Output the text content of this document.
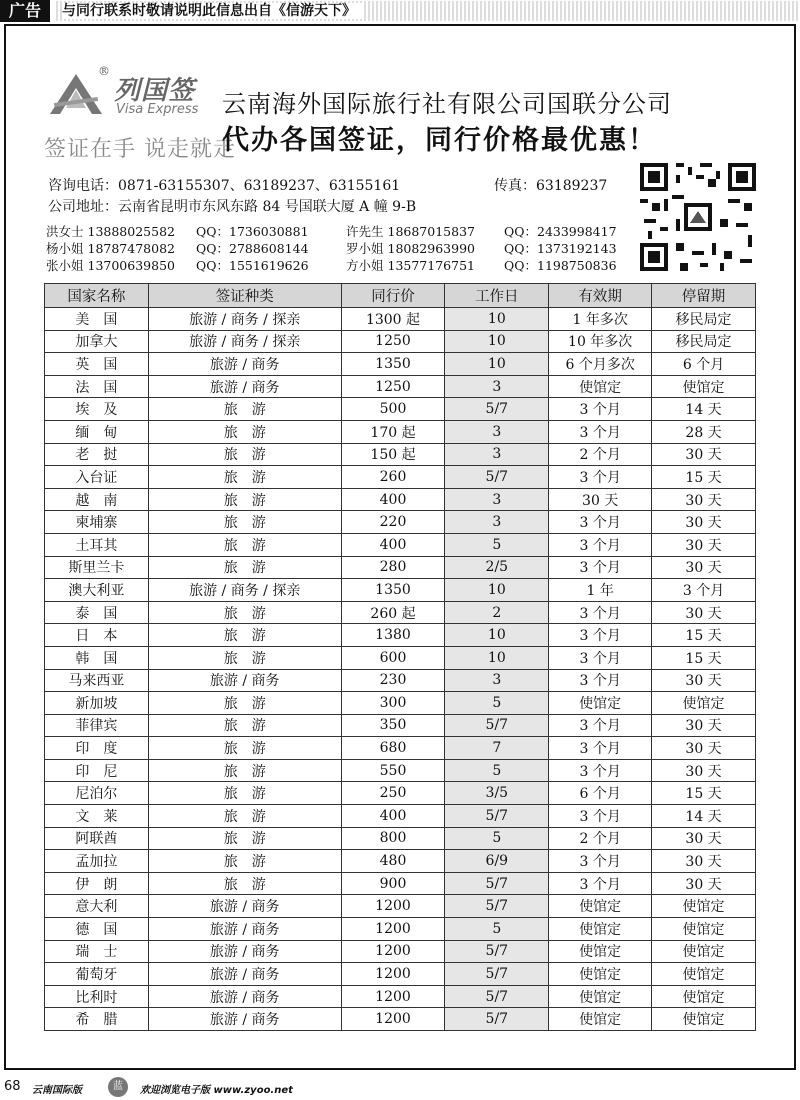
广告	与同行联系时敬请说明此信息出自《信游天下》
®
列国签
Visa Express
签证在手 说走就走
云南海外国际旅行社有限公司国联分公司
代办各国签证，同行价格最优惠！
咨询电话：0871-63155307、63189237、63155161	传真：63189237
公司地址：云南省昆明市东风东路 84 号国联大厦 A 幢 9-B
洪女士 13888025582	QQ：1736030881	许先生 18687015837	QQ：2433998417
杨小姐 18787478082	QQ：2788608144	罗小姐 18082963990	QQ：1373192143
张小姐 13700639850	QQ：1551619626	方小姐 13577176751	QQ：1198750836
国家名称	签证种类	同行价	工作日	有效期	停留期
美　国	旅游 / 商务 / 探亲	1300 起	10	1 年多次	移民局定
加拿大	旅游 / 商务 / 探亲	1250	10	10 年多次	移民局定
英　国	旅游 / 商务	1350	10	6 个月多次	6 个月
法　国	旅游 / 商务	1250	3	使馆定	使馆定
埃　及	旅　游	500	5/7	3 个月	14 天
缅　甸	旅　游	170 起	3	3 个月	28 天
老　挝	旅　游	150 起	3	2 个月	30 天
入台证	旅　游	260	5/7	3 个月	15 天
越　南	旅　游	400	3	30 天	30 天
柬埔寨	旅　游	220	3	3 个月	30 天
土耳其	旅　游	400	5	3 个月	30 天
斯里兰卡	旅　游	280	2/5	3 个月	30 天
澳大利亚	旅游 / 商务 / 探亲	1350	10	1 年	3 个月
泰　国	旅　游	260 起	2	3 个月	30 天
日　本	旅　游	1380	10	3 个月	15 天
韩　国	旅　游	600	10	3 个月	15 天
马来西亚	旅游 / 商务	230	3	3 个月	30 天
新加坡	旅　游	300	5	使馆定	使馆定
菲律宾	旅　游	350	5/7	3 个月	30 天
印　度	旅　游	680	7	3 个月	30 天
印　尼	旅　游	550	5	3 个月	30 天
尼泊尔	旅　游	250	3/5	6 个月	15 天
文　莱	旅　游	400	5/7	3 个月	14 天
阿联酋	旅　游	800	5	2 个月	30 天
孟加拉	旅　游	480	6/9	3 个月	30 天
伊　朗	旅　游	900	5/7	3 个月	30 天
意大利	旅游 / 商务	1200	5/7	使馆定	使馆定
德　国	旅游 / 商务	1200	5	使馆定	使馆定
瑞　士	旅游 / 商务	1200	5/7	使馆定	使馆定
葡萄牙	旅游 / 商务	1200	5/7	使馆定	使馆定
比利时	旅游 / 商务	1200	5/7	使馆定	使馆定
希　腊	旅游 / 商务	1200	5/7	使馆定	使馆定
68 云南国际版	蓝	欢迎浏览电子版 www.zyoo.net
